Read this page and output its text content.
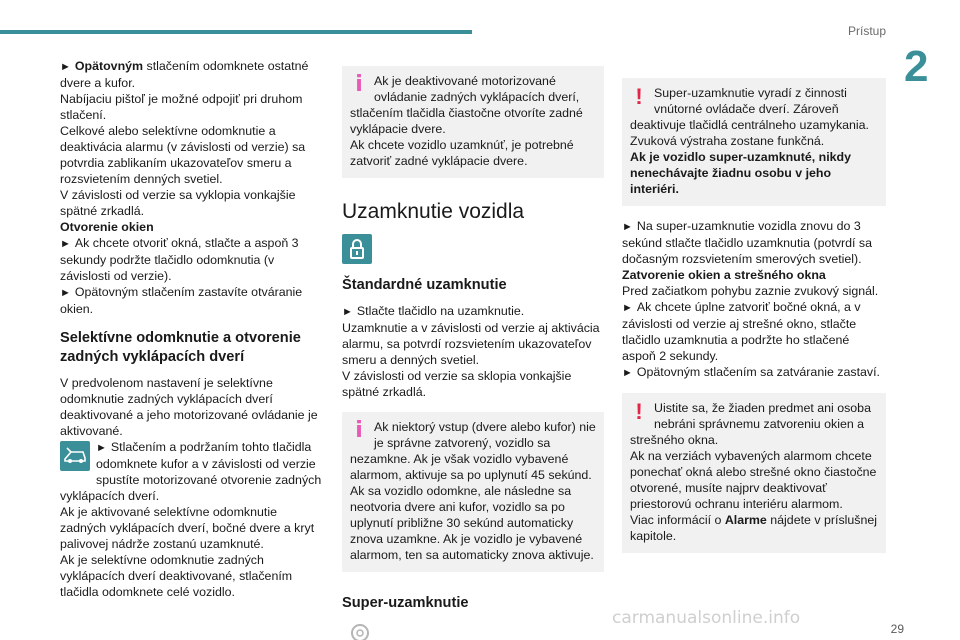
Prístup
2
► Opätovným stlačením odomknete ostatné dvere a kufor.
Nabíjaciu pištoľ je možné odpojiť pri druhom stlačení.
Celkové alebo selektívne odomknutie a deaktivácia alarmu (v závislosti od verzie) sa potvrdia zablikaním ukazovateľov smeru a rozsvietením denných svetiel.
V závislosti od verzie sa vyklopia vonkajšie spätné zrkadlá.
Otvorenie okien
► Ak chcete otvoriť okná, stlačte a aspoň 3 sekundy podržte tlačidlo odomknutia (v závislosti od verzie).
► Opätovným stlačením zastavíte otváranie okien.
Selektívne odomknutie a otvorenie zadných vyklápacích dverí
V predvolenom nastavení je selektívne odomknutie zadných vyklápacích dverí deaktivované a jeho motorizované ovládanie je aktivované.
► Stlačením a podržaním tohto tlačidla odomknete kufor a v závislosti od verzie spustíte motorizované otvorenie zadných vyklápacích dverí.
Ak je aktivované selektívne odomknutie zadných vyklápacích dverí, bočné dvere a kryt palivovej nádrže zostanú uzamknuté.
Ak je selektívne odomknutie zadných vyklápacích dverí deaktivované, stlačením tlačidla odomknete celé vozidlo.
i Ak je deaktivované motorizované ovládanie zadných vyklápacích dverí, stlačením tlačidla čiastočne otvoríte zadné vyklápacie dvere.
Ak chcete vozidlo uzamknúť, je potrebné zatvoriť zadné vyklápacie dvere.
Uzamknutie vozidla
Štandardné uzamknutie
► Stlačte tlačidlo na uzamknutie.
Uzamknutie a v závislosti od verzie aj aktivácia alarmu, sa potvrdí rozsvietením ukazovateľov smeru a denných svetiel.
V závislosti od verzie sa sklopia vonkajšie spätné zrkadlá.
i Ak niektorý vstup (dvere alebo kufor) nie je správne zatvorený, vozidlo sa nezamkne. Ak je však vozidlo vybavené alarmom, aktivuje sa po uplynutí 45 sekúnd.
Ak sa vozidlo odomkne, ale následne sa neotvoria dvere ani kufor, vozidlo sa po uplynutí približne 30 sekúnd automaticky znova uzamkne. Ak je vozidlo je vybavené alarmom, ten sa automaticky znova aktivuje.
Super-uzamknutie
! Super-uzamknutie vyradí z činnosti vnútorné ovládače dverí. Zároveň deaktivuje tlačidlá centrálneho uzamykania.
Zvuková výstraha zostane funkčná.
Ak je vozidlo super-uzamknuté, nikdy nenechávajte žiadnu osobu v jeho interiéri.
► Na super-uzamknutie vozidla znovu do 3 sekúnd stlačte tlačidlo uzamknutia (potvrdí sa dočasným rozsvietením smerových svetiel).
Zatvorenie okien a strešného okna
Pred začiatkom pohybu zaznie zvukový signál.
► Ak chcete úplne zatvoriť bočné okná, a v závislosti od verzie aj strešné okno, stlačte tlačidlo uzamknutia a podržte ho stlačené aspoň 2 sekundy.
► Opätovným stlačením sa zatváranie zastaví.
! Uistite sa, že žiaden predmet ani osoba nebráni správnemu zatvoreniu okien a strešného okna.
Ak na verziách vybavených alarmom chcete ponechať okná alebo strešné okno čiastočne otvorené, musíte najprv deaktivovať priestorovú ochranu interiéru alarmom.
Viac informácií o Alarme nájdete v príslušnej kapitole.
carmanualsonline.info
29
